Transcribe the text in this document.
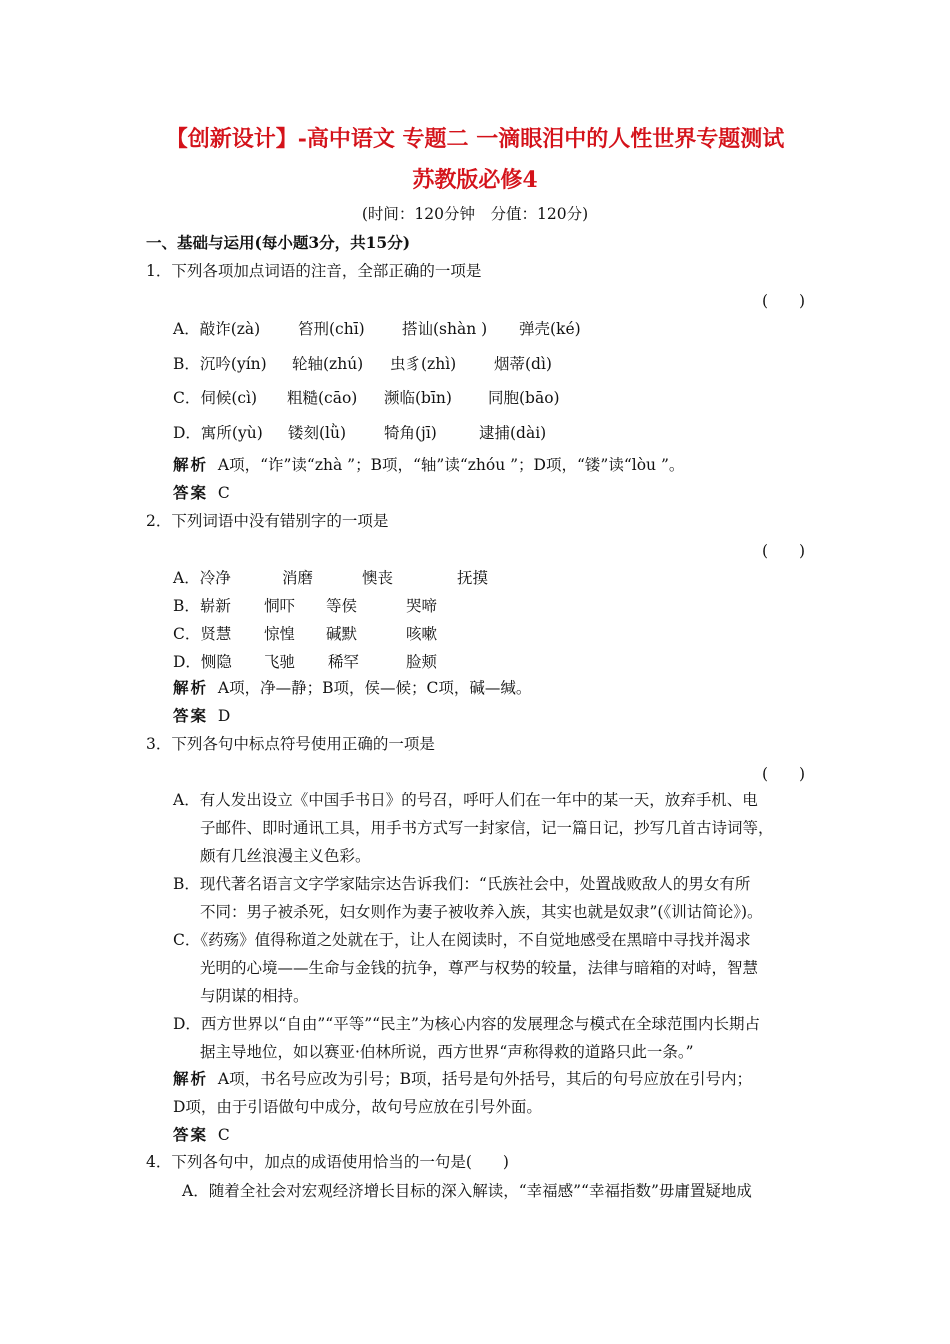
【创新设计】-高中语文 专题二 一滴眼泪中的人性世界专题测试
苏教版必修4
(时间：120分钟　分值：120分)
一、基础与运用(每小题3分，共15分)
1．下列各项加点词语的注音，全部正确的一项是
(　　)
A．敲诈(zà) 笞刑(chī) 搭讪(shàn ) 弹壳(ké)
B．沉吟(yín) 轮轴(zhú) 虫豸(zhì) 烟蒂(dì)
C．伺候(cì) 粗糙(cāo) 濒临(bīn) 同胞(bāo)
D．寓所(yù) 镂刻(lǜ) 犄角(jī)	逮捕(dài)
解析 A项，“诈”读“zhà ”；B项，“轴”读“zhóu ”；D项，“镂”读“lòu ”。
答案 C
2．下列词语中没有错别字的一项是
(　　)
A．冷净	消磨	懊丧	抚摸
B．崭新 恫吓 等侯	哭啼
C．贤慧 惊惶 碱默	咳嗽
D．恻隐 飞驰 稀罕	脸颊
解析 A项，净—静；B项，侯—候；C项，碱—缄。
答案 D
3．下列各句中标点符号使用正确的一项是
(　　)
A．有人发出设立《中国手书日》的号召，呼吁人们在一年中的某一天，放弃手机、电
子邮件、即时通讯工具，用手书方式写一封家信，记一篇日记，抄写几首古诗词等，
颇有几丝浪漫主义色彩。
B．现代著名语言文字学家陆宗达告诉我们：“氏族社会中，处置战败敌人的男女有所
不同：男子被杀死，妇女则作为妻子被收养入族，其实也就是奴隶”(《训诂简论》)。
C．《药殇》值得称道之处就在于，让人在阅读时，不自觉地感受在黑暗中寻找并渴求
光明的心境——生命与金钱的抗争，尊严与权势的较量，法律与暗箱的对峙，智慧
与阴谋的相持。
D．西方世界以“自由”“平等”“民主”为核心内容的发展理念与模式在全球范围内长期占
据主导地位，如以赛亚·伯林所说，西方世界“声称得救的道路只此一条。”
解析 A项，书名号应改为引号；B项，括号是句外括号，其后的句号应放在引号内；
D项，由于引语做句中成分，故句号应放在引号外面。
答案 C
4．下列各句中，加点的成语使用恰当的一句是(　　)
A．随着全社会对宏观经济增长目标的深入解读，“幸福感”“幸福指数”毋庸置疑地成
